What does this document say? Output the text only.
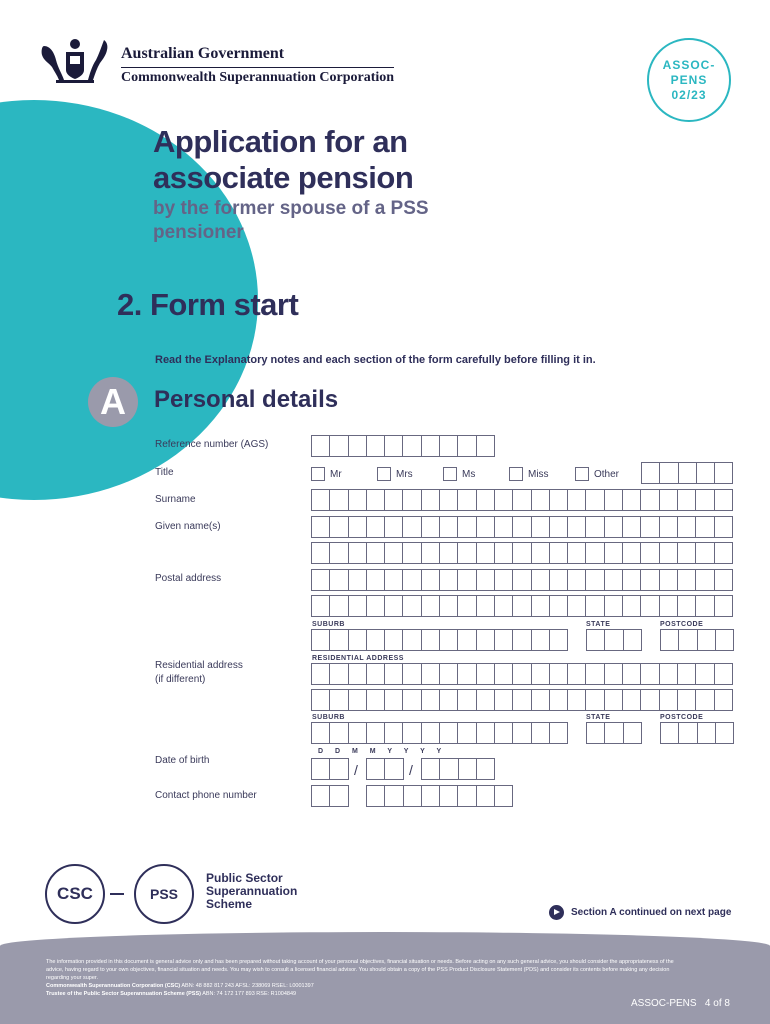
Australian Government
Commonwealth Superannuation Corporation
ASSOC-PENS 02/23
Application for an associate pension
by the former spouse of a PSS pensioner
2. Form start
Read the Explanatory notes and each section of the form carefully before filling it in.
A Personal details
Reference number (AGS)
Title	Mr	Mrs	Ms	Miss	Other
Surname
Given name(s)
Postal address
SUBURB	STATE	POSTCODE
Residential address
(if different)
RESIDENTIAL ADDRESS
SUBURB	STATE	POSTCODE
Date of birth
D D M M Y Y Y Y
/	/
Contact phone number
CSC	PSS
Public Sector Superannuation Scheme
Section A continued on next page

The information provided in this document is general advice only and has been prepared without taking account of your personal objectives, financial situation or needs. Before acting on any such general advice, you should consider the appropriateness of the advice, having regard to your own objectives, financial situation and needs. You may wish to consult a licensed financial advisor. You should obtain a copy of the PSS Product Disclosure Statement (PDS) and consider its contents before making any decision regarding your super.

Commonwealth Superannuation Corporation (CSC) ABN: 48 882 817 243 AFSL: 238069 RSEL: L0001397

Trustee of the Public Sector Superannuation Scheme (PSS) ABN: 74 172 177 893 RSE: R1004849

ASSOC-PENS 4 of 8
